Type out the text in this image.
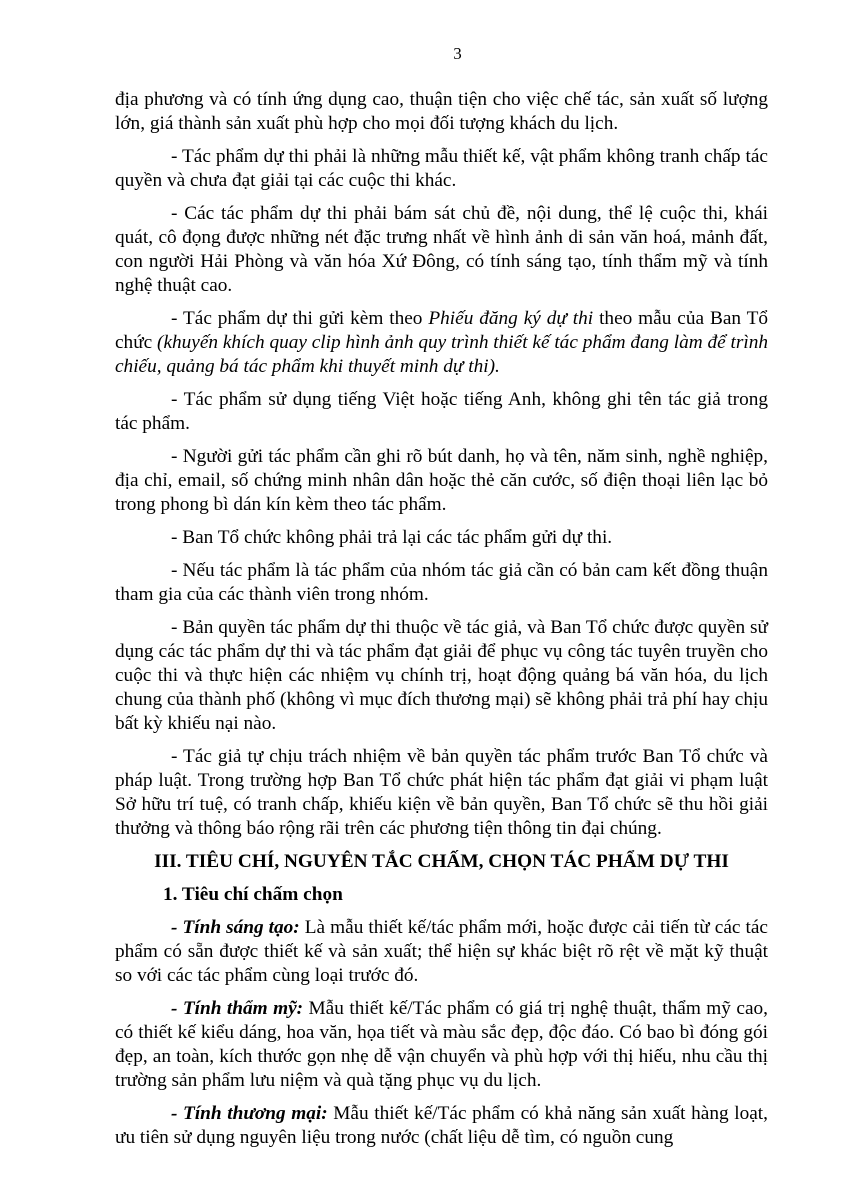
3

địa phương và có tính ứng dụng cao, thuận tiện cho việc chế tác, sản xuất số lượng lớn, giá thành sản xuất phù hợp cho mọi đối tượng khách du lịch.

- Tác phẩm dự thi phải là những mẫu thiết kế, vật phẩm không tranh chấp tác quyền và chưa đạt giải tại các cuộc thi khác.

- Các tác phẩm dự thi phải bám sát chủ đề, nội dung, thể lệ cuộc thi, khái quát, cô đọng được những nét đặc trưng nhất về hình ảnh di sản văn hoá, mảnh đất, con người Hải Phòng và văn hóa Xứ Đông, có tính sáng tạo, tính thẩm mỹ và tính nghệ thuật cao.

- Tác phẩm dự thi gửi kèm theo Phiếu đăng ký dự thi theo mẫu của Ban Tổ chức (khuyến khích quay clip hình ảnh quy trình thiết kế tác phẩm đang làm để trình chiếu, quảng bá tác phẩm khi thuyết minh dự thi).

- Tác phẩm sử dụng tiếng Việt hoặc tiếng Anh, không ghi tên tác giả trong tác phẩm.

- Người gửi tác phẩm cần ghi rõ bút danh, họ và tên, năm sinh, nghề nghiệp, địa chỉ, email, số chứng minh nhân dân hoặc thẻ căn cước, số điện thoại liên lạc bỏ trong phong bì dán kín kèm theo tác phẩm.

- Ban Tổ chức không phải trả lại các tác phẩm gửi dự thi.

- Nếu tác phẩm là tác phẩm của nhóm tác giả cần có bản cam kết đồng thuận tham gia của các thành viên trong nhóm.

- Bản quyền tác phẩm dự thi thuộc về tác giả, và Ban Tổ chức được quyền sử dụng các tác phẩm dự thi và tác phẩm đạt giải để phục vụ công tác tuyên truyền cho cuộc thi và thực hiện các nhiệm vụ chính trị, hoạt động quảng bá văn hóa, du lịch chung của thành phố (không vì mục đích thương mại) sẽ không phải trả phí hay chịu bất kỳ khiếu nại nào.

- Tác giả tự chịu trách nhiệm về bản quyền tác phẩm trước Ban Tổ chức và pháp luật. Trong trường hợp Ban Tổ chức phát hiện tác phẩm đạt giải vi phạm luật Sở hữu trí tuệ, có tranh chấp, khiếu kiện về bản quyền, Ban Tổ chức sẽ thu hồi giải thưởng và thông báo rộng rãi trên các phương tiện thông tin đại chúng.

III. TIÊU CHÍ, NGUYÊN TẮC CHẤM, CHỌN TÁC PHẨM DỰ THI

1. Tiêu chí chấm chọn

- Tính sáng tạo: Là mẫu thiết kế/tác phẩm mới, hoặc được cải tiến từ các tác phẩm có sẵn được thiết kế và sản xuất; thể hiện sự khác biệt rõ rệt về mặt kỹ thuật so với các tác phẩm cùng loại trước đó.

- Tính thẩm mỹ: Mẫu thiết kế/Tác phẩm có giá trị nghệ thuật, thẩm mỹ cao, có thiết kế kiểu dáng, hoa văn, họa tiết và màu sắc đẹp, độc đáo. Có bao bì đóng gói đẹp, an toàn, kích thước gọn nhẹ dễ vận chuyển và phù hợp với thị hiếu, nhu cầu thị trường sản phẩm lưu niệm và quà tặng phục vụ du lịch.

- Tính thương mại: Mẫu thiết kế/Tác phẩm có khả năng sản xuất hàng loạt, ưu tiên sử dụng nguyên liệu trong nước (chất liệu dễ tìm, có nguồn cung
